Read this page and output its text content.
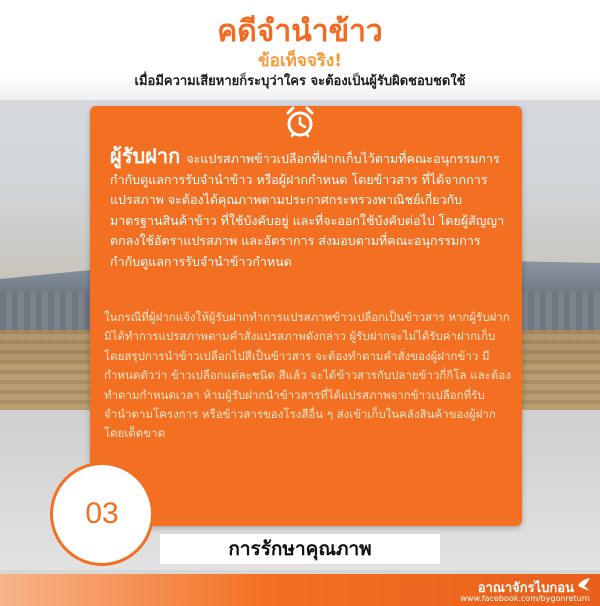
คดีจำนำข้าว
ข้อเท็จจริง!
เมื่อมีความเสียหายก็ระบุว่าใคร จะต้องเป็นผู้รับผิดชอบชดใช้
ผู้รับฝาก จะแปรสภาพข้าวเปลือกที่ฝากเก็บไว้ตามที่คณะอนุกรรมการกำกับดูแลการรับจำนำข้าว หรือผู้ฝากกำหนด โดยข้าวสาร ที่ได้จากการ แปรสภาพ จะต้องได้คุณภาพตามประกาศกระทรวงพาณิชย์เกี่ยวกับมาตรฐานสินค้าข้าว ที่ใช้บังคับอยู่ และที่จะออกใช้บังคับต่อไป โดยผู้สัญญาตกลงใช้อัตราแปรสภาพ และอัตราการ ส่งมอบตามที่คณะอนุกรรมการกำกับดูแลการรับจำนำข้าวกำหนด
ในกรณีที่ผู้ฝากแจ้งให้ผู้รับฝากทำการแปรสภาพข้าวเปลือกเป็นข้าวสาร หากผู้รับฝากมิได้ทำการแปรสภาพตามคำสั่งแปรสภาพดังกล่าว ผู้รับฝากจะไม่ได้รับค่าฝากเก็บ โดยสรุปการนำข้าวเปลือกไปสีเป็นข้าวสาร จะต้องทำตามคำสั่งของผู้ฝากข้าว มีกำหนดตัวว่า ข้าวเปลือกแต่ละชนิด สีแล้ว จะได้ข้าวสารกับปลายข้าวกี่กิโล และต้องทำตามกำหนดเวลา ห้ามผู้รับฝากนำข้าวสารที่ได้แปรสภาพจากข้าวเปลือกที่รับจำนำตามโครงการ หรือข้าวสารของโรงสีอื่น ๆ ส่งเข้าเก็บในคลังสินค้าของผู้ฝากโดยเด็ดขาด
03
การรักษาคุณภาพ
อาณาจักรไบกอน
www.facebook.com/bygonreturn
